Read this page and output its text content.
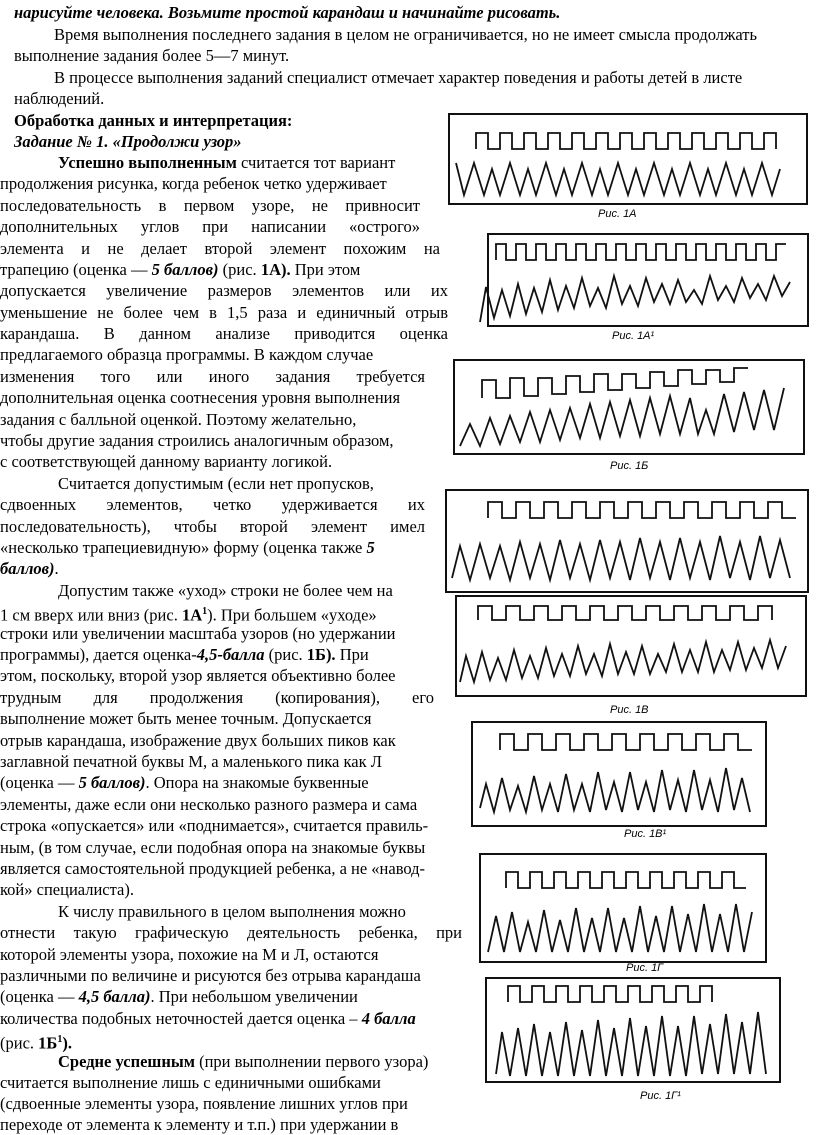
нарисуйте человека. Возьмите простой карандаш и начинайте рисовать.
Время выполнения последнего задания в целом не ограничивается, но не имеет смысла продолжать
выполнение задания более 5—7 минут.
В процессе выполнения заданий специалист отмечает характер поведения и работы детей в листе
наблюдений.
Обработка данных и интерпретация:
Задание № 1. «Продолжи узор»
Успешно выполненным считается тот вариант
продолжения рисунка, когда ребенок четко удерживает
последовательность в первом узоре, не привносит
дополнительных углов при написании «острого»
элемента и не делает второй элемент похожим на
трапецию (оценка — 5 баллов) (рис. 1А). При этом
допускается увеличение размеров элементов или их
уменьшение не более чем в 1,5 раза и единичный отрыв
карандаша. В данном анализе приводится оценка
предлагаемого образца программы. В каждом случае
изменения того или иного задания требуется
дополнительная оценка соотнесения уровня выполнения
задания с балльной оценкой. Поэтому желательно,
чтобы другие задания строились аналогичным образом,
с соответствующей данному варианту логикой.
Считается допустимым (если нет пропусков,
сдвоенных элементов, четко удерживается их
последовательность), чтобы второй элемент имел
«несколько трапециевидную» форму (оценка также 5
баллов).
Допустим также «уход» строки не более чем на
1 см вверх или вниз (рис. $1А^1$). При большем «уходе»
строки или увеличении масштаба узоров (но удержании
программы), дается оценка-4,5-балла (рис. 1Б). При
этом, поскольку, второй узор является объективно более
трудным для продолжения (копирования), его
выполнение может быть менее точным. Допускается
отрыв карандаша, изображение двух больших пиков как
заглавной печатной буквы М, а маленького пика как Л
(оценка — 5 баллов). Опора на знакомые буквенные
элементы, даже если они несколько разного размера и сама
строка «опускается» или «поднимается», считается правиль-
ным, (в том случае, если подобная опора на знакомые буквы
является самостоятельной продукцией ребенка, а не «навод-
кой» специалиста).
К числу правильного в целом выполнения можно
отнести такую графическую деятельность ребенка, при
которой элементы узора, похожие на М и Л, остаются
различными по величине и рисуются без отрыва карандаша
(оценка — 4,5 балла). При небольшом увеличении
количества подобных неточностей дается оценка – 4 балла
(рис. $1Б^1$).
Средне успешным (при выполнении первого узора)
считается выполнение лишь с единичными ошибками
(сдвоенные элементы узора, появление лишних углов при
переходе от элемента к элементу и т.п.) при удержании в
Рис. 1А
Рис. 1А¹
Рис. 1Б
Рис. 1В
Рис. 1В¹
Рис. 1Г
Рис. 1Г¹
